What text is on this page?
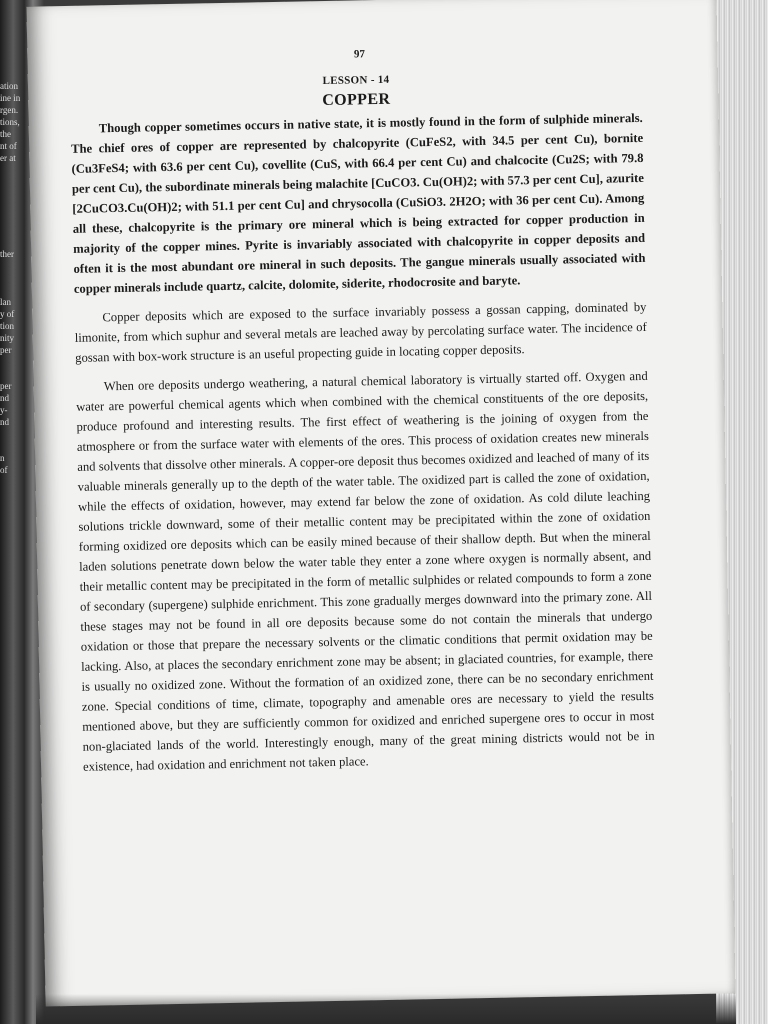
ation
ine in
rgen.
tions,
the
nt of
er at
ther
lan
y of
tion
nity
per
per
nd
y-
nd
n
of
97
LESSON - 14
COPPER

Though copper sometimes occurs in native state, it is mostly found in the form of sulphide minerals. The chief ores of copper are represented by chalcopyrite (CuFeS2, with 34.5 per cent Cu), bornite (Cu3FeS4; with 63.6 per cent Cu), covellite (CuS, with 66.4 per cent Cu) and chalcocite (Cu2S; with 79.8 per cent Cu), the subordinate minerals being malachite [CuCO3. Cu(OH)2; with 57.3 per cent Cu], azurite [2CuCO3.Cu(OH)2; with 51.1 per cent Cu] and chrysocolla (CuSiO3. 2H2O; with 36 per cent Cu). Among all these, chalcopyrite is the primary ore mineral which is being extracted for copper production in majority of the copper mines. Pyrite is invariably associated with chalcopyrite in copper deposits and often it is the most abundant ore mineral in such deposits. The gangue minerals usually associated with copper minerals include quartz, calcite, dolomite, siderite, rhodocrosite and baryte.

Copper deposits which are exposed to the surface invariably possess a gossan capping, dominated by limonite, from which suphur and several metals are leached away by percolating surface water. The incidence of gossan with box-work structure is an useful propecting guide in locating copper deposits.

When ore deposits undergo weathering, a natural chemical laboratory is virtually started off. Oxygen and water are powerful chemical agents which when combined with the chemical constituents of the ore deposits, produce profound and interesting results. The first effect of weathering is the joining of oxygen from the atmosphere or from the surface water with elements of the ores. This process of oxidation creates new minerals and solvents that dissolve other minerals. A copper-ore deposit thus becomes oxidized and leached of many of its valuable minerals generally up to the depth of the water table. The oxidized part is called the zone of oxidation, while the effects of oxidation, however, may extend far below the zone of oxidation. As cold dilute leaching solutions trickle downward, some of their metallic content may be precipitated within the zone of oxidation forming oxidized ore deposits which can be easily mined because of their shallow depth. But when the mineral laden solutions penetrate down below the water table they enter a zone where oxygen is normally absent, and their metallic content may be precipitated in the form of metallic sulphides or related compounds to form a zone of secondary (supergene) sulphide enrichment. This zone gradually merges downward into the primary zone. All these stages may not be found in all ore deposits because some do not contain the minerals that undergo oxidation or those that prepare the necessary solvents or the climatic conditions that permit oxidation may be lacking. Also, at places the secondary enrichment zone may be absent; in glaciated countries, for example, there is usually no oxidized zone. Without the formation of an oxidized zone, there can be no secondary enrichment zone. Special conditions of time, climate, topography and amenable ores are necessary to yield the results mentioned above, but they are sufficiently common for oxidized and enriched supergene ores to occur in most non-glaciated lands of the world. Interestingly enough, many of the great mining districts would not be in existence, had oxidation and enrichment not taken place.
